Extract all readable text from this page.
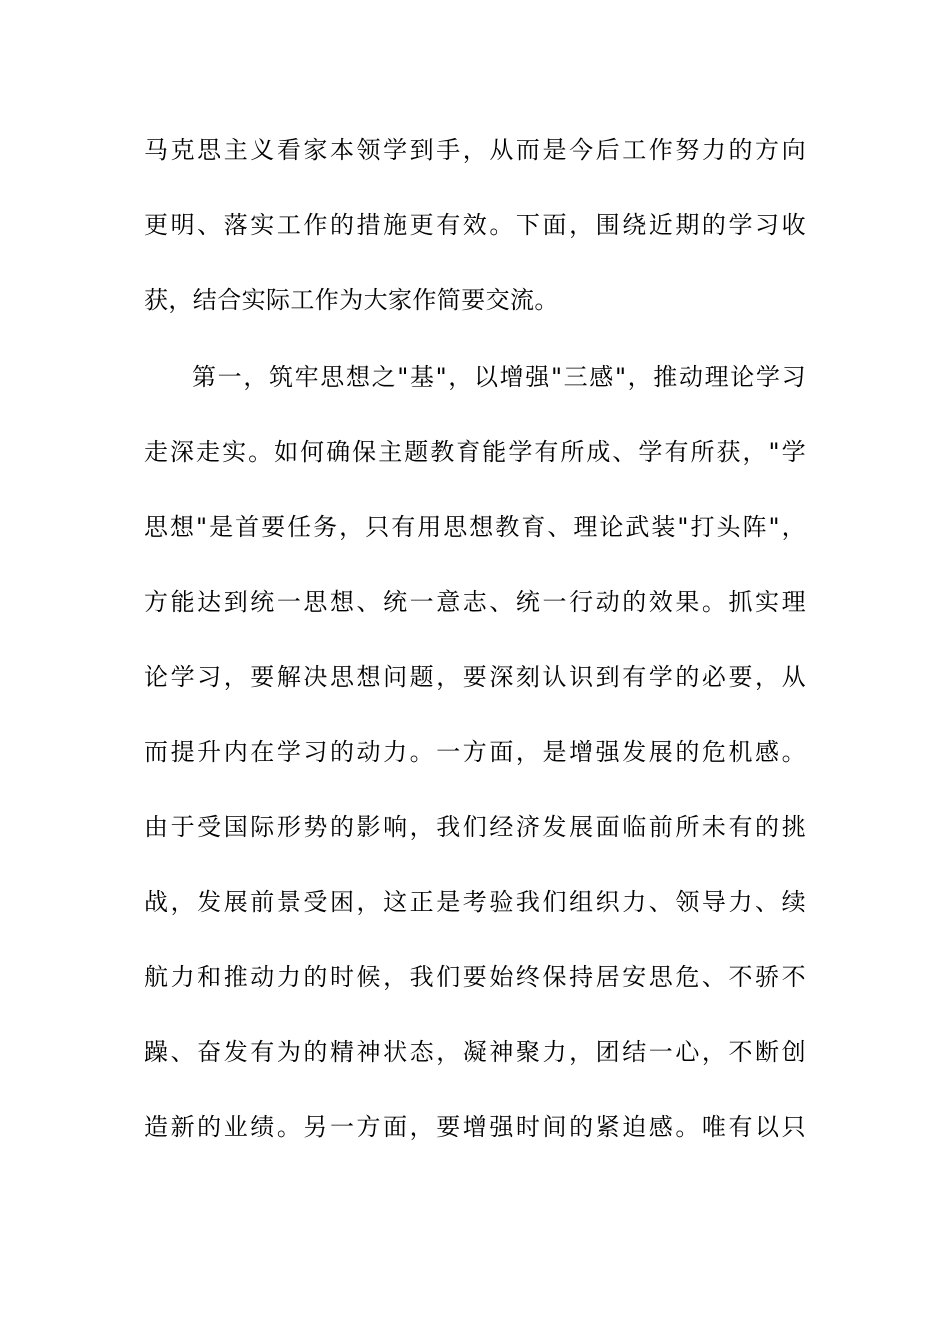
马克思主义看家本领学到手，从而是今后工作努力的方向
更明、落实工作的措施更有效。下面，围绕近期的学习收
获，结合实际工作为大家作简要交流。
第一，筑牢思想之"基"，以增强"三感"，推动理论学习
走深走实。如何确保主题教育能学有所成、学有所获，"学
思想"是首要任务，只有用思想教育、理论武装"打头阵"，
方能达到统一思想、统一意志、统一行动的效果。抓实理
论学习，要解决思想问题，要深刻认识到有学的必要，从
而提升内在学习的动力。一方面，是增强发展的危机感。
由于受国际形势的影响，我们经济发展面临前所未有的挑
战，发展前景受困，这正是考验我们组织力、领导力、续
航力和推动力的时候，我们要始终保持居安思危、不骄不
躁、奋发有为的精神状态，凝神聚力，团结一心，不断创
造新的业绩。另一方面，要增强时间的紧迫感。唯有以只
